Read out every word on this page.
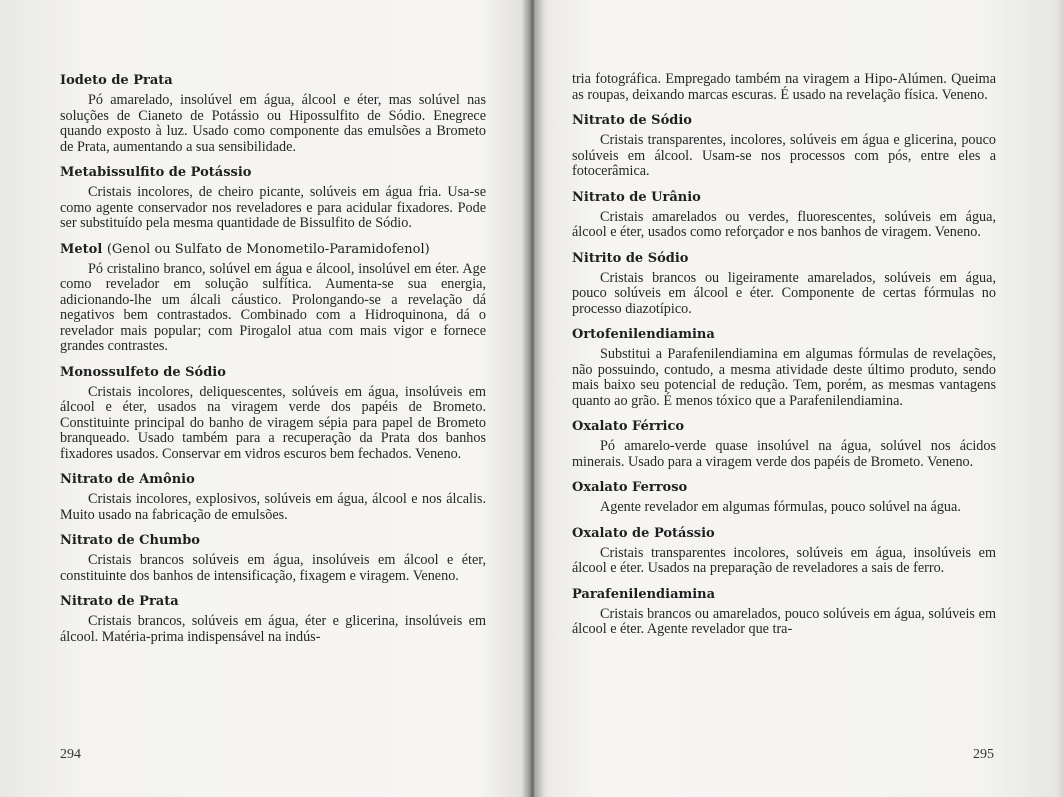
Iodeto de Prata

Pó amarelado, insolúvel em água, álcool e éter, mas solúvel nas soluções de Cianeto de Potássio ou Hipossulfito de Sódio. Enegrece quando exposto à luz. Usado como componente das emulsões a Brometo de Prata, aumentando a sua sensibilidade.

Metabissulfito de Potássio

Cristais incolores, de cheiro picante, solúveis em água fria. Usa-se como agente conservador nos reveladores e para acidular fixadores. Pode ser substituído pela mesma quantidade de Bissulfito de Sódio.

Metol (Genol ou Sulfato de Monometilo-Paramidofenol)

Pó cristalino branco, solúvel em água e álcool, insolúvel em éter. Age como revelador em solução sulfítica. Aumenta-se sua energia, adicionando-lhe um álcali cáustico. Prolongando-se a revelação dá negativos bem contrastados. Combinado com a Hidroquinona, dá o revelador mais popular; com Pirogalol atua com mais vigor e fornece grandes contrastes.

Monossulfeto de Sódio

Cristais incolores, deliquescentes, solúveis em água, insolúveis em álcool e éter, usados na viragem verde dos papéis de Brometo. Constituinte principal do banho de viragem sépia para papel de Brometo branqueado. Usado também para a recuperação da Prata dos banhos fixadores usados. Conservar em vidros escuros bem fechados. Veneno.

Nitrato de Amônio

Cristais incolores, explosivos, solúveis em água, álcool e nos álcalis. Muito usado na fabricação de emulsões.

Nitrato de Chumbo

Cristais brancos solúveis em água, insolúveis em álcool e éter, constituinte dos banhos de intensificação, fixagem e viragem. Veneno.

Nitrato de Prata

Cristais brancos, solúveis em água, éter e glicerina, insolúveis em álcool. Matéria-prima indispensável na indús-

294

tria fotográfica. Empregado também na viragem a Hipo-Alúmen. Queima as roupas, deixando marcas escuras. É usado na revelação física. Veneno.

Nitrato de Sódio

Cristais transparentes, incolores, solúveis em água e glicerina, pouco solúveis em álcool. Usam-se nos processos com pós, entre eles a fotocerâmica.

Nitrato de Urânio

Cristais amarelados ou verdes, fluorescentes, solúveis em água, álcool e éter, usados como reforçador e nos banhos de viragem. Veneno.

Nitrito de Sódio

Cristais brancos ou ligeiramente amarelados, solúveis em água, pouco solúveis em álcool e éter. Componente de certas fórmulas no processo diazotípico.

Ortofenilendiamina

Substitui a Parafenilendiamina em algumas fórmulas de revelações, não possuindo, contudo, a mesma atividade deste último produto, sendo mais baixo seu potencial de redução. Tem, porém, as mesmas vantagens quanto ao grão. É menos tóxico que a Parafenilendiamina.

Oxalato Férrico

Pó amarelo-verde quase insolúvel na água, solúvel nos ácidos minerais. Usado para a viragem verde dos papéis de Brometo. Veneno.

Oxalato Ferroso

Agente revelador em algumas fórmulas, pouco solúvel na água.

Oxalato de Potássio

Cristais transparentes incolores, solúveis em água, insolúveis em álcool e éter. Usados na preparação de reveladores a sais de ferro.

Parafenilendiamina

Cristais brancos ou amarelados, pouco solúveis em água, solúveis em álcool e éter. Agente revelador que tra-

295
